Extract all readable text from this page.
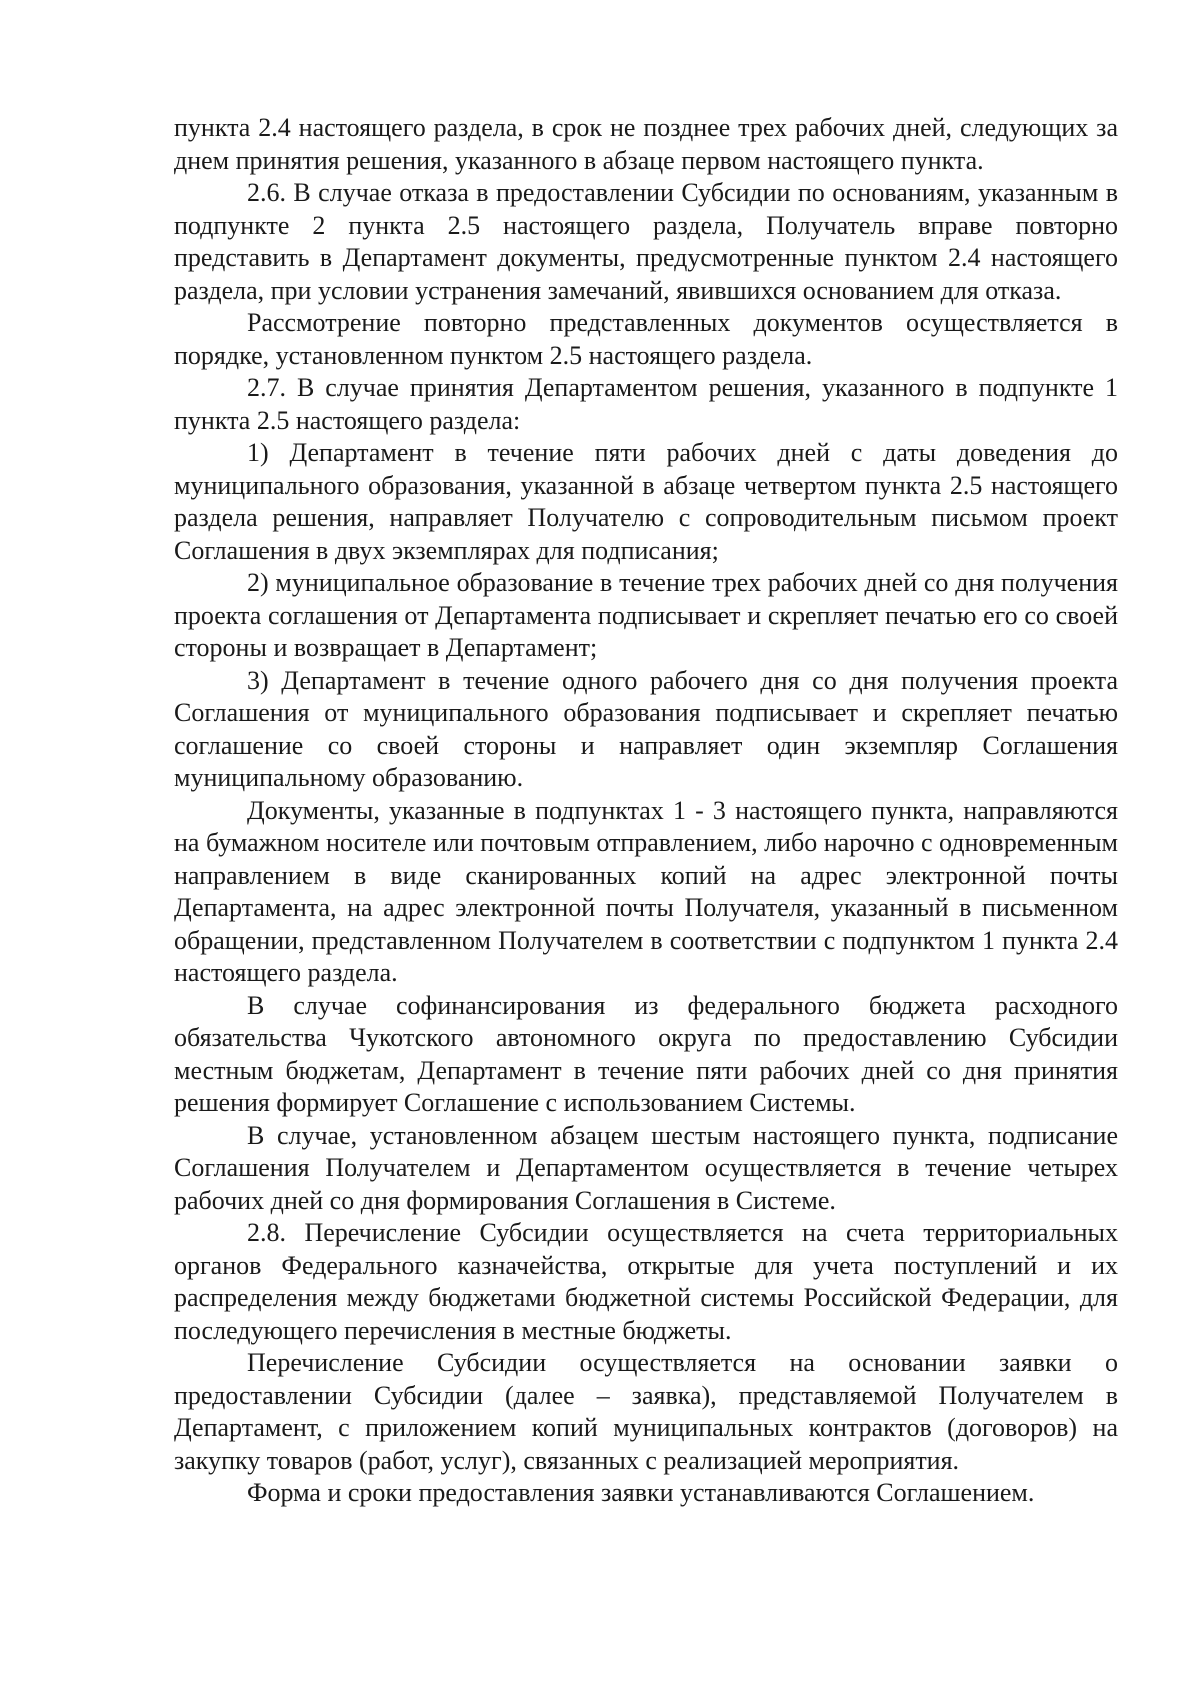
пункта 2.4 настоящего раздела, в срок не позднее трех рабочих дней, следующих за днем принятия решения, указанного в абзаце первом настоящего пункта.

2.6. В случае отказа в предоставлении Субсидии по основаниям, указанным в подпункте 2 пункта 2.5 настоящего раздела, Получатель вправе повторно представить в Департамент документы, предусмотренные пунктом 2.4 настоящего раздела, при условии устранения замечаний, явившихся основанием для отказа.

Рассмотрение повторно представленных документов осуществляется в порядке, установленном пунктом 2.5 настоящего раздела.

2.7. В случае принятия Департаментом решения, указанного в подпункте 1 пункта 2.5 настоящего раздела:

1) Департамент в течение пяти рабочих дней с даты доведения до муниципального образования, указанной в абзаце четвертом пункта 2.5 настоящего раздела решения, направляет Получателю с сопроводительным письмом проект Соглашения в двух экземплярах для подписания;

2) муниципальное образование в течение трех рабочих дней со дня получения проекта соглашения от Департамента подписывает и скрепляет печатью его со своей стороны и возвращает в Департамент;

3) Департамент в течение одного рабочего дня со дня получения проекта Соглашения от муниципального образования подписывает и скрепляет печатью соглашение со своей стороны и направляет один экземпляр Соглашения муниципальному образованию.

Документы, указанные в подпунктах 1 - 3 настоящего пункта, направляются на бумажном носителе или почтовым отправлением, либо нарочно с одновременным направлением в виде сканированных копий на адрес электронной почты Департамента, на адрес электронной почты Получателя, указанный в письменном обращении, представленном Получателем в соответствии с подпунктом 1 пункта 2.4 настоящего раздела.

В случае софинансирования из федерального бюджета расходного обязательства Чукотского автономного округа по предоставлению Субсидии местным бюджетам, Департамент в течение пяти рабочих дней со дня принятия решения формирует Соглашение с использованием Системы.

В случае, установленном абзацем шестым настоящего пункта, подписание Соглашения Получателем и Департаментом осуществляется в течение четырех рабочих дней со дня формирования Соглашения в Системе.

2.8. Перечисление Субсидии осуществляется на счета территориальных органов Федерального казначейства, открытые для учета поступлений и их распределения между бюджетами бюджетной системы Российской Федерации, для последующего перечисления в местные бюджеты.

Перечисление Субсидии осуществляется на основании заявки о предоставлении Субсидии (далее – заявка), представляемой Получателем в Департамент, с приложением копий муниципальных контрактов (договоров) на закупку товаров (работ, услуг), связанных с реализацией мероприятия.

Форма и сроки предоставления заявки устанавливаются Соглашением.
